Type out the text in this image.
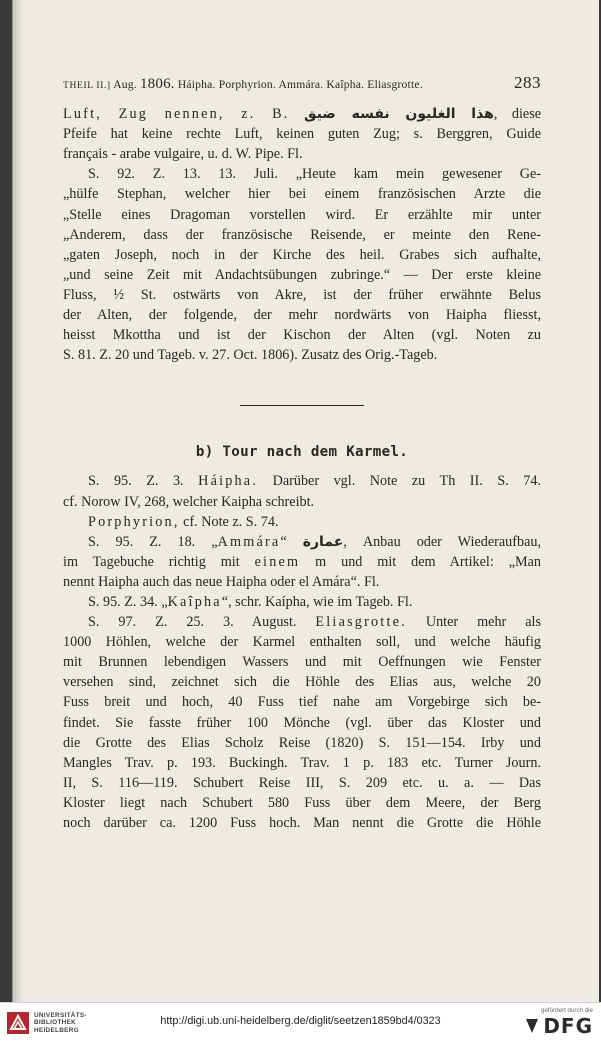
THEIL II.] Aug. 1806. Háipha. Porphyrion. Ammára. Kaîpha. Eliasgrotte.	283
Luft, Zug nennen, z. B. هذا الغليون نفسه ضيق, diese
Pfeife hat keine rechte Luft, keinen guten Zug; s. Berggren, Guide
français - arabe vulgaire, u. d. W. Pipe. Fl.
S. 92. Z. 13. 13. Juli. „Heute kam mein gewesener Ge-
„hülfe Stephan, welcher hier bei einem französischen Arzte die
„Stelle eines Dragoman vorstellen wird. Er erzählte mir unter
„Anderem, dass der französische Reisende, er meinte den Rene-
„gaten Joseph, noch in der Kirche des heil. Grabes sich aufhalte,
„und seine Zeit mit Andachtsübungen zubringe.“ — Der erste kleine
Fluss, ½ St. ostwärts von Akre, ist der früher erwähnte Belus
der Alten, der folgende, der mehr nordwärts von Haipha fliesst,
heisst Mkottha und ist der Kischon der Alten (vgl. Noten zu
S. 81. Z. 20 und Tageb. v. 27. Oct. 1806). Zusatz des Orig.-Tageb.
b) Tour nach dem Karmel.
S. 95. Z. 3. Háipha. Darüber vgl. Note zu Th II. S. 74.
cf. Norow IV, 268, welcher Kaipha schreibt.
Porphyrion, cf. Note z. S. 74.
S. 95. Z. 18. „Ammára“ عمارة, Anbau oder Wiederaufbau,
im Tagebuche richtig mit einem m und mit dem Artikel: „Man
nennt Haipha auch das neue Haipha oder el Amára“. Fl.
S. 95. Z. 34. „Kaîpha“, schr. Kaípha, wie im Tageb. Fl.
S. 97. Z. 25. 3. August. Eliasgrotte. Unter mehr als
1000 Höhlen, welche der Karmel enthalten soll, und welche häufig
mit Brunnen lebendigen Wassers und mit Oeffnungen wie Fenster
versehen sind, zeichnet sich die Höhle des Elias aus, welche 20
Fuss breit und hoch, 40 Fuss tief nahe am Vorgebirge sich be-
findet. Sie fasste früher 100 Mönche (vgl. über das Kloster und
die Grotte des Elias Scholz Reise (1820) S. 151—154. Irby und
Mangles Trav. p. 193. Buckingh. Trav. 1 p. 183 etc. Turner Journ.
II, S. 116—119. Schubert Reise III, S. 209 etc. u. a. — Das
Kloster liegt nach Schubert 580 Fuss über dem Meere, der Berg
noch darüber ca. 1200 Fuss hoch. Man nennt die Grotte die Höhle
UNIVERSITÄTS-
BIBLIOTHEK
HEIDELBERG
http://digi.ub.uni-heidelberg.de/diglit/seetzen1859bd4/0323
gefördert durch die
DFG
